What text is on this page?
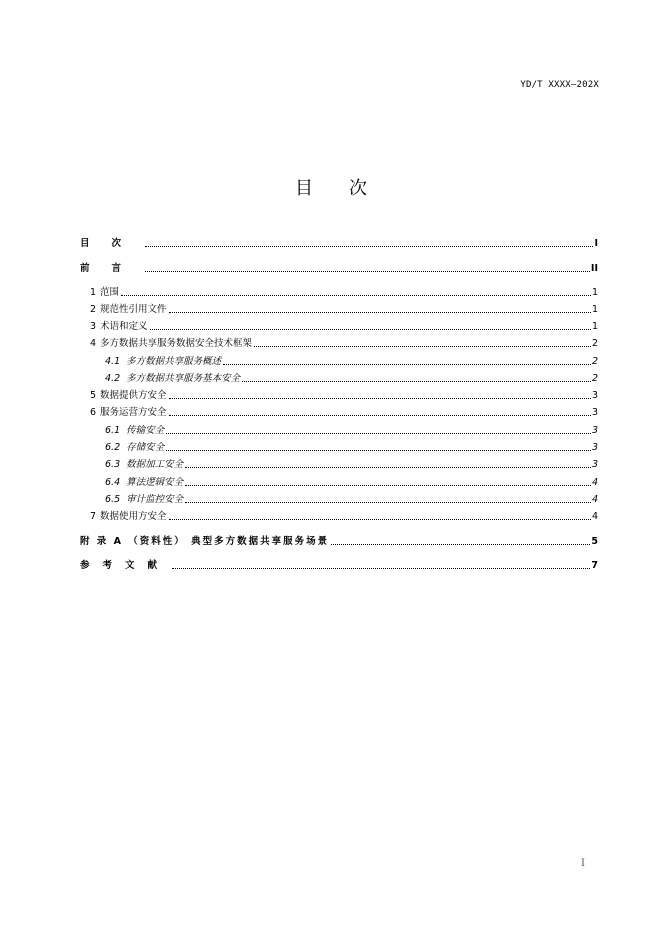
YD/T XXXX—202X
目次
目次	I
前言	II
1 范围	1
2 规范性引用文件	1
3 术语和定义	1
4 多方数据共享服务数据安全技术框架	2
4.1 多方数据共享服务概述	2
4.2 多方数据共享服务基本安全	2
5 数据提供方安全	3
6 服务运营方安全	3
6.1 传输安全	3
6.2 存储安全	3
6.3 数据加工安全	3
6.4 算法逻辑安全	4
6.5 审计监控安全	4
7 数据使用方安全	4
附 录 A （资料性） 典型多方数据共享服务场景	5
参考文献	7
I
